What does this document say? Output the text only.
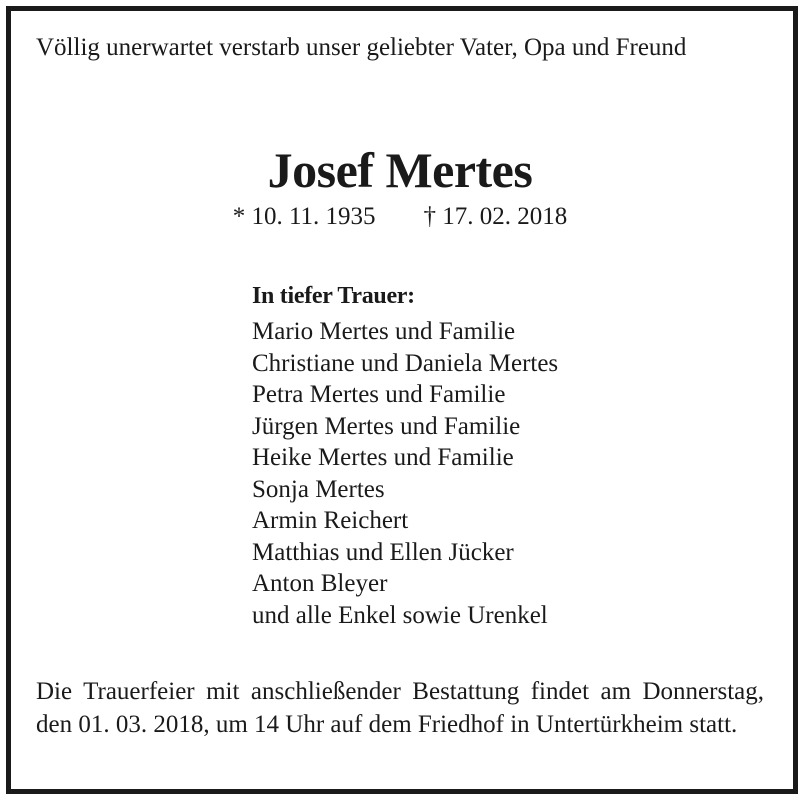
Völlig unerwartet verstarb unser geliebter Vater, Opa und Freund

Josef Mertes
* 10. 11. 1935 † 17. 02. 2018
In tiefer Trauer:
Mario Mertes und Familie
Christiane und Daniela Mertes
Petra Mertes und Familie
Jürgen Mertes und Familie
Heike Mertes und Familie
Sonja Mertes
Armin Reichert
Matthias und Ellen Jücker
Anton Bleyer
und alle Enkel sowie Urenkel

Die Trauerfeier mit anschließender Bestattung findet am Donnerstag, den 01. 03. 2018, um 14 Uhr auf dem Friedhof in Untertürkheim statt.
